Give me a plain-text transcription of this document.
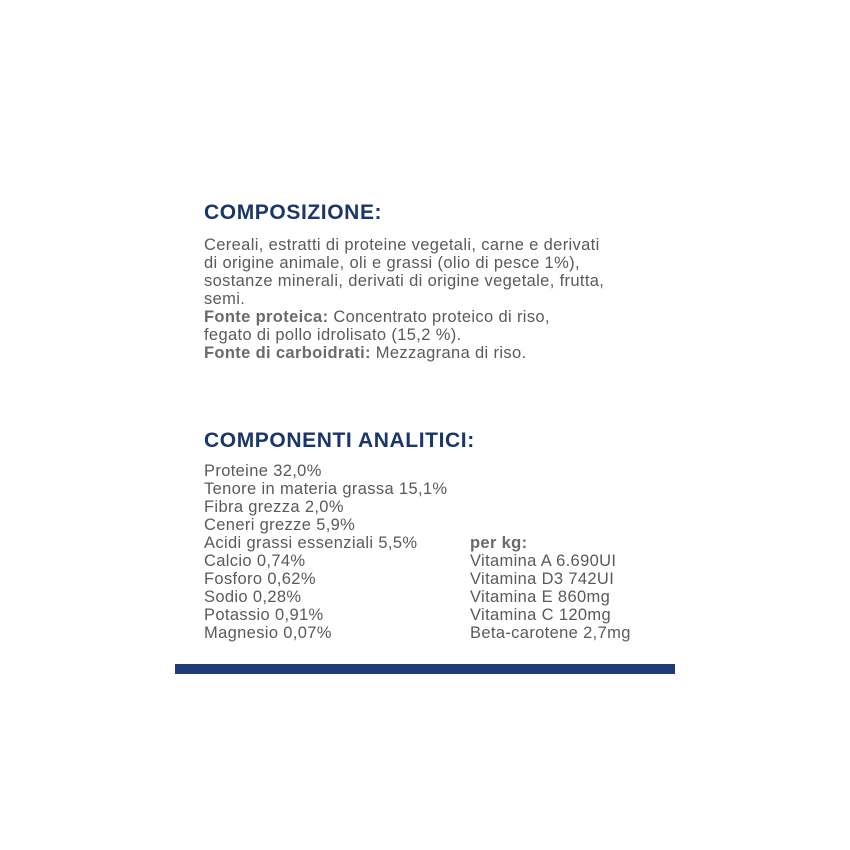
COMPOSIZIONE:
Cereali, estratti di proteine vegetali, carne e derivati
di origine animale, oli e grassi (olio di pesce 1%),
sostanze minerali, derivati di origine vegetale, frutta,
semi.
Fonte proteica: Concentrato proteico di riso,
fegato di pollo idrolisato (15,2 %).
Fonte di carboidrati: Mezzagrana di riso.
COMPONENTI ANALITICI:
Proteine 32,0%
Tenore in materia grassa 15,1%
Fibra grezza 2,0%
Ceneri grezze 5,9%
Acidi grassi essenziali 5,5%
Calcio 0,74%
Fosforo 0,62%
Sodio 0,28%
Potassio 0,91%
Magnesio 0,07%
per kg:
Vitamina A 6.690UI
Vitamina D3 742UI
Vitamina E 860mg
Vitamina C 120mg
Beta-carotene 2,7mg
